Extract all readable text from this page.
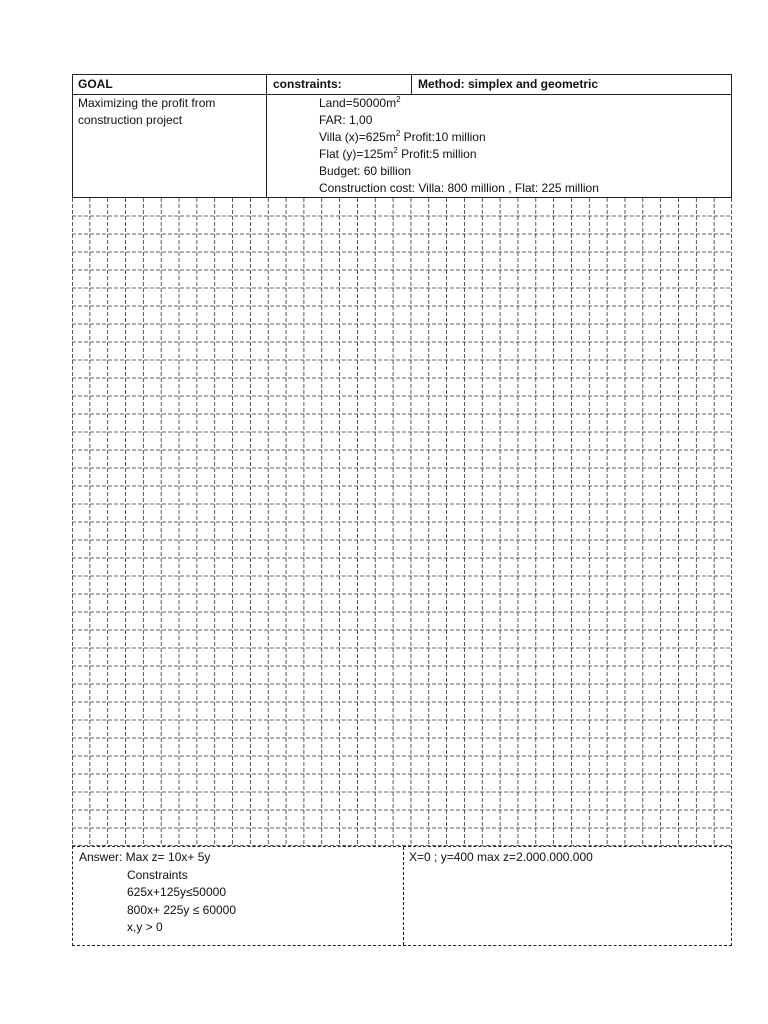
GOAL	constraints:	Method: simplex and geometric
Maximizing the profit from
construction project
$Land=50000m^2$
FAR: 1,00
Villa $(x)=625m^2$ Profit:10 million
Flat $(y)=125m^2$ Profit:5 million
Budget: 60 billion
Construction cost: Villa: 800 million , Flat: 225 million
Answer: Max z= 10x+ 5y
Constraints
625x+125y≤50000
800x+ 225y ≤ 60000
x,y > 0
X=0 ; y=400 max z=2.000.000.000
